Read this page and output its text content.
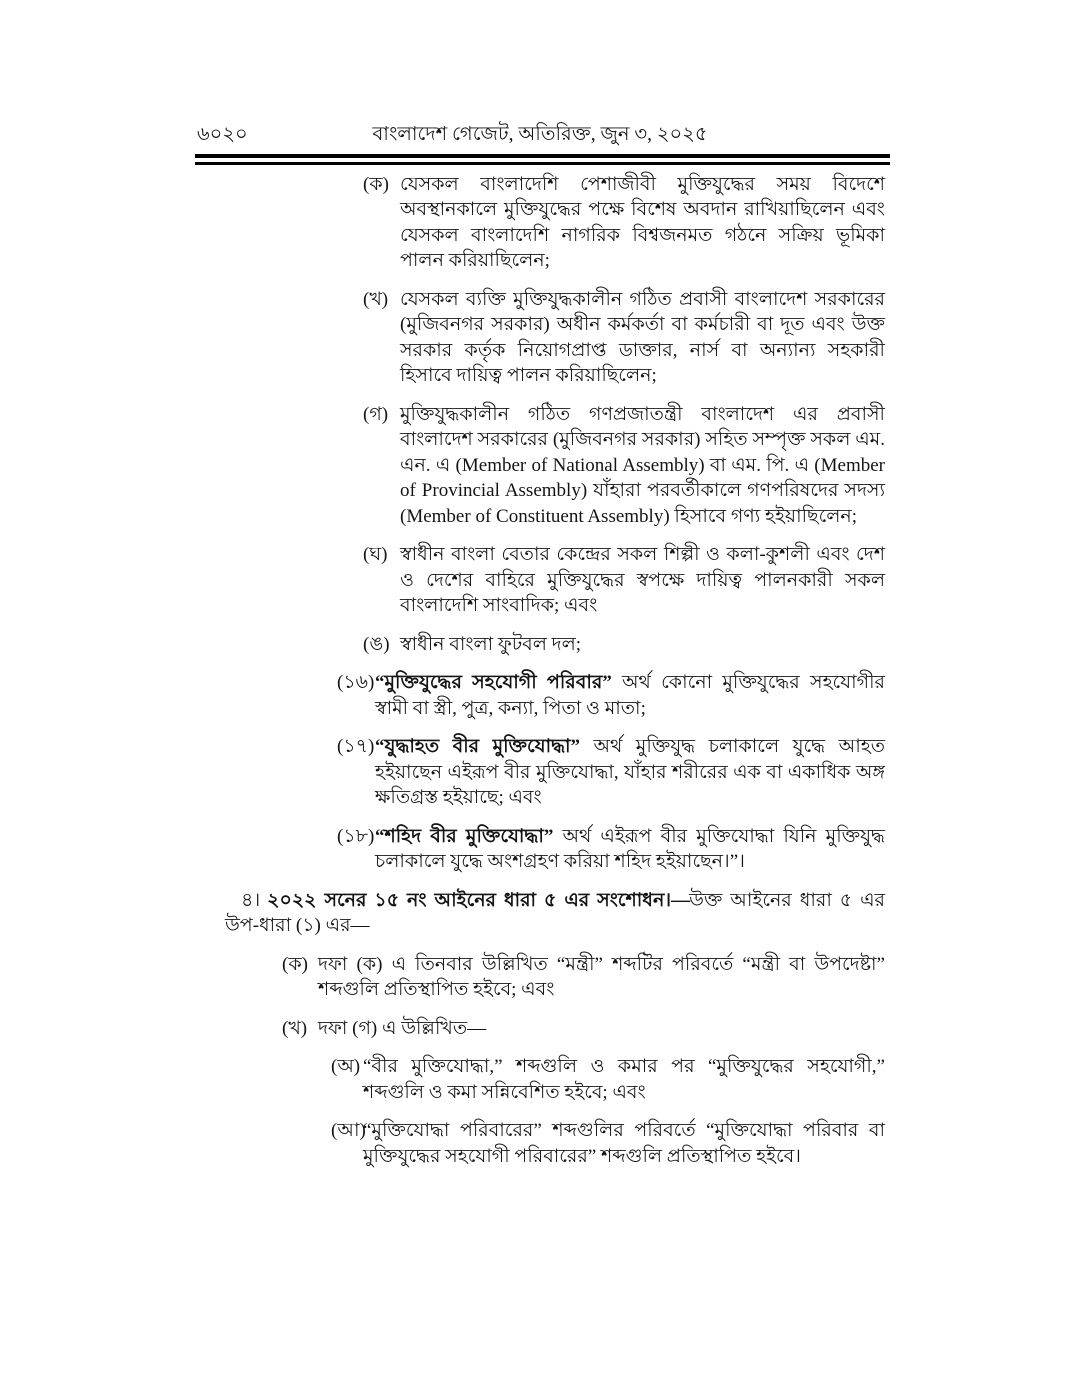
৬০২০	বাংলাদেশ গেজেট, অতিরিক্ত, জুন ৩, ২০২৫
(ক) যেসকল বাংলাদেশি পেশাজীবী মুক্তিযুদ্ধের সময় বিদেশে অবস্থানকালে মুক্তিযুদ্ধের পক্ষে বিশেষ অবদান রাখিয়াছিলেন এবং যেসকল বাংলাদেশি নাগরিক বিশ্বজনমত গঠনে সক্রিয় ভূমিকা পালন করিয়াছিলেন;

(খ) যেসকল ব্যক্তি মুক্তিযুদ্ধকালীন গঠিত প্রবাসী বাংলাদেশ সরকারের (মুজিবনগর সরকার) অধীন কর্মকর্তা বা কর্মচারী বা দূত এবং উক্ত সরকার কর্তৃক নিয়োগপ্রাপ্ত ডাক্তার, নার্স বা অন্যান্য সহকারী হিসাবে দায়িত্ব পালন করিয়াছিলেন;

(গ) মুক্তিযুদ্ধকালীন গঠিত গণপ্রজাতন্ত্রী বাংলাদেশ এর প্রবাসী বাংলাদেশ সরকারের (মুজিবনগর সরকার) সহিত সম্পৃক্ত সকল এম. এন. এ (Member of National Assembly) বা এম. পি. এ (Member of Provincial Assembly) যাঁহারা পরবর্তীকালে গণপরিষদের সদস্য (Member of Constituent Assembly) হিসাবে গণ্য হইয়াছিলেন;

(ঘ) স্বাধীন বাংলা বেতার কেন্দ্রের সকল শিল্পী ও কলা-কুশলী এবং দেশ ও দেশের বাহিরে মুক্তিযুদ্ধের স্বপক্ষে দায়িত্ব পালনকারী সকল বাংলাদেশি সাংবাদিক; এবং

(ঙ) স্বাধীন বাংলা ফুটবল দল;

(১৬) “মুক্তিযুদ্ধের সহযোগী পরিবার” অর্থ কোনো মুক্তিযুদ্ধের সহযোগীর স্বামী বা স্ত্রী, পুত্র, কন্যা, পিতা ও মাতা;

(১৭) “যুদ্ধাহত বীর মুক্তিযোদ্ধা” অর্থ মুক্তিযুদ্ধ চলাকালে যুদ্ধে আহত হইয়াছেন এইরূপ বীর মুক্তিযোদ্ধা, যাঁহার শরীরের এক বা একাধিক অঙ্গ ক্ষতিগ্রস্ত হইয়াছে; এবং

(১৮) “শহিদ বীর মুক্তিযোদ্ধা” অর্থ এইরূপ বীর মুক্তিযোদ্ধা যিনি মুক্তিযুদ্ধ চলাকালে যুদ্ধে অংশগ্রহণ করিয়া শহিদ হইয়াছেন।”।

৪। ২০২২ সনের ১৫ নং আইনের ধারা ৫ এর সংশোধন।—উক্ত আইনের ধারা ৫ এর উপ-ধারা (১) এর—

(ক) দফা (ক) এ তিনবার উল্লিখিত “মন্ত্রী” শব্দটির পরিবর্তে “মন্ত্রী বা উপদেষ্টা” শব্দগুলি প্রতিস্থাপিত হইবে; এবং

(খ) দফা (গ) এ উল্লিখিত—

(অ) “বীর মুক্তিযোদ্ধা,” শব্দগুলি ও কমার পর “মুক্তিযুদ্ধের সহযোগী,” শব্দগুলি ও কমা সন্নিবেশিত হইবে; এবং

(আ)

“মুক্তিযোদ্ধা পরিবারের” শব্দগুলির পরিবর্তে “মুক্তিযোদ্ধা পরিবার বা মুক্তিযুদ্ধের সহযোগী পরিবারের” শব্দগুলি প্রতিস্থাপিত হইবে।
